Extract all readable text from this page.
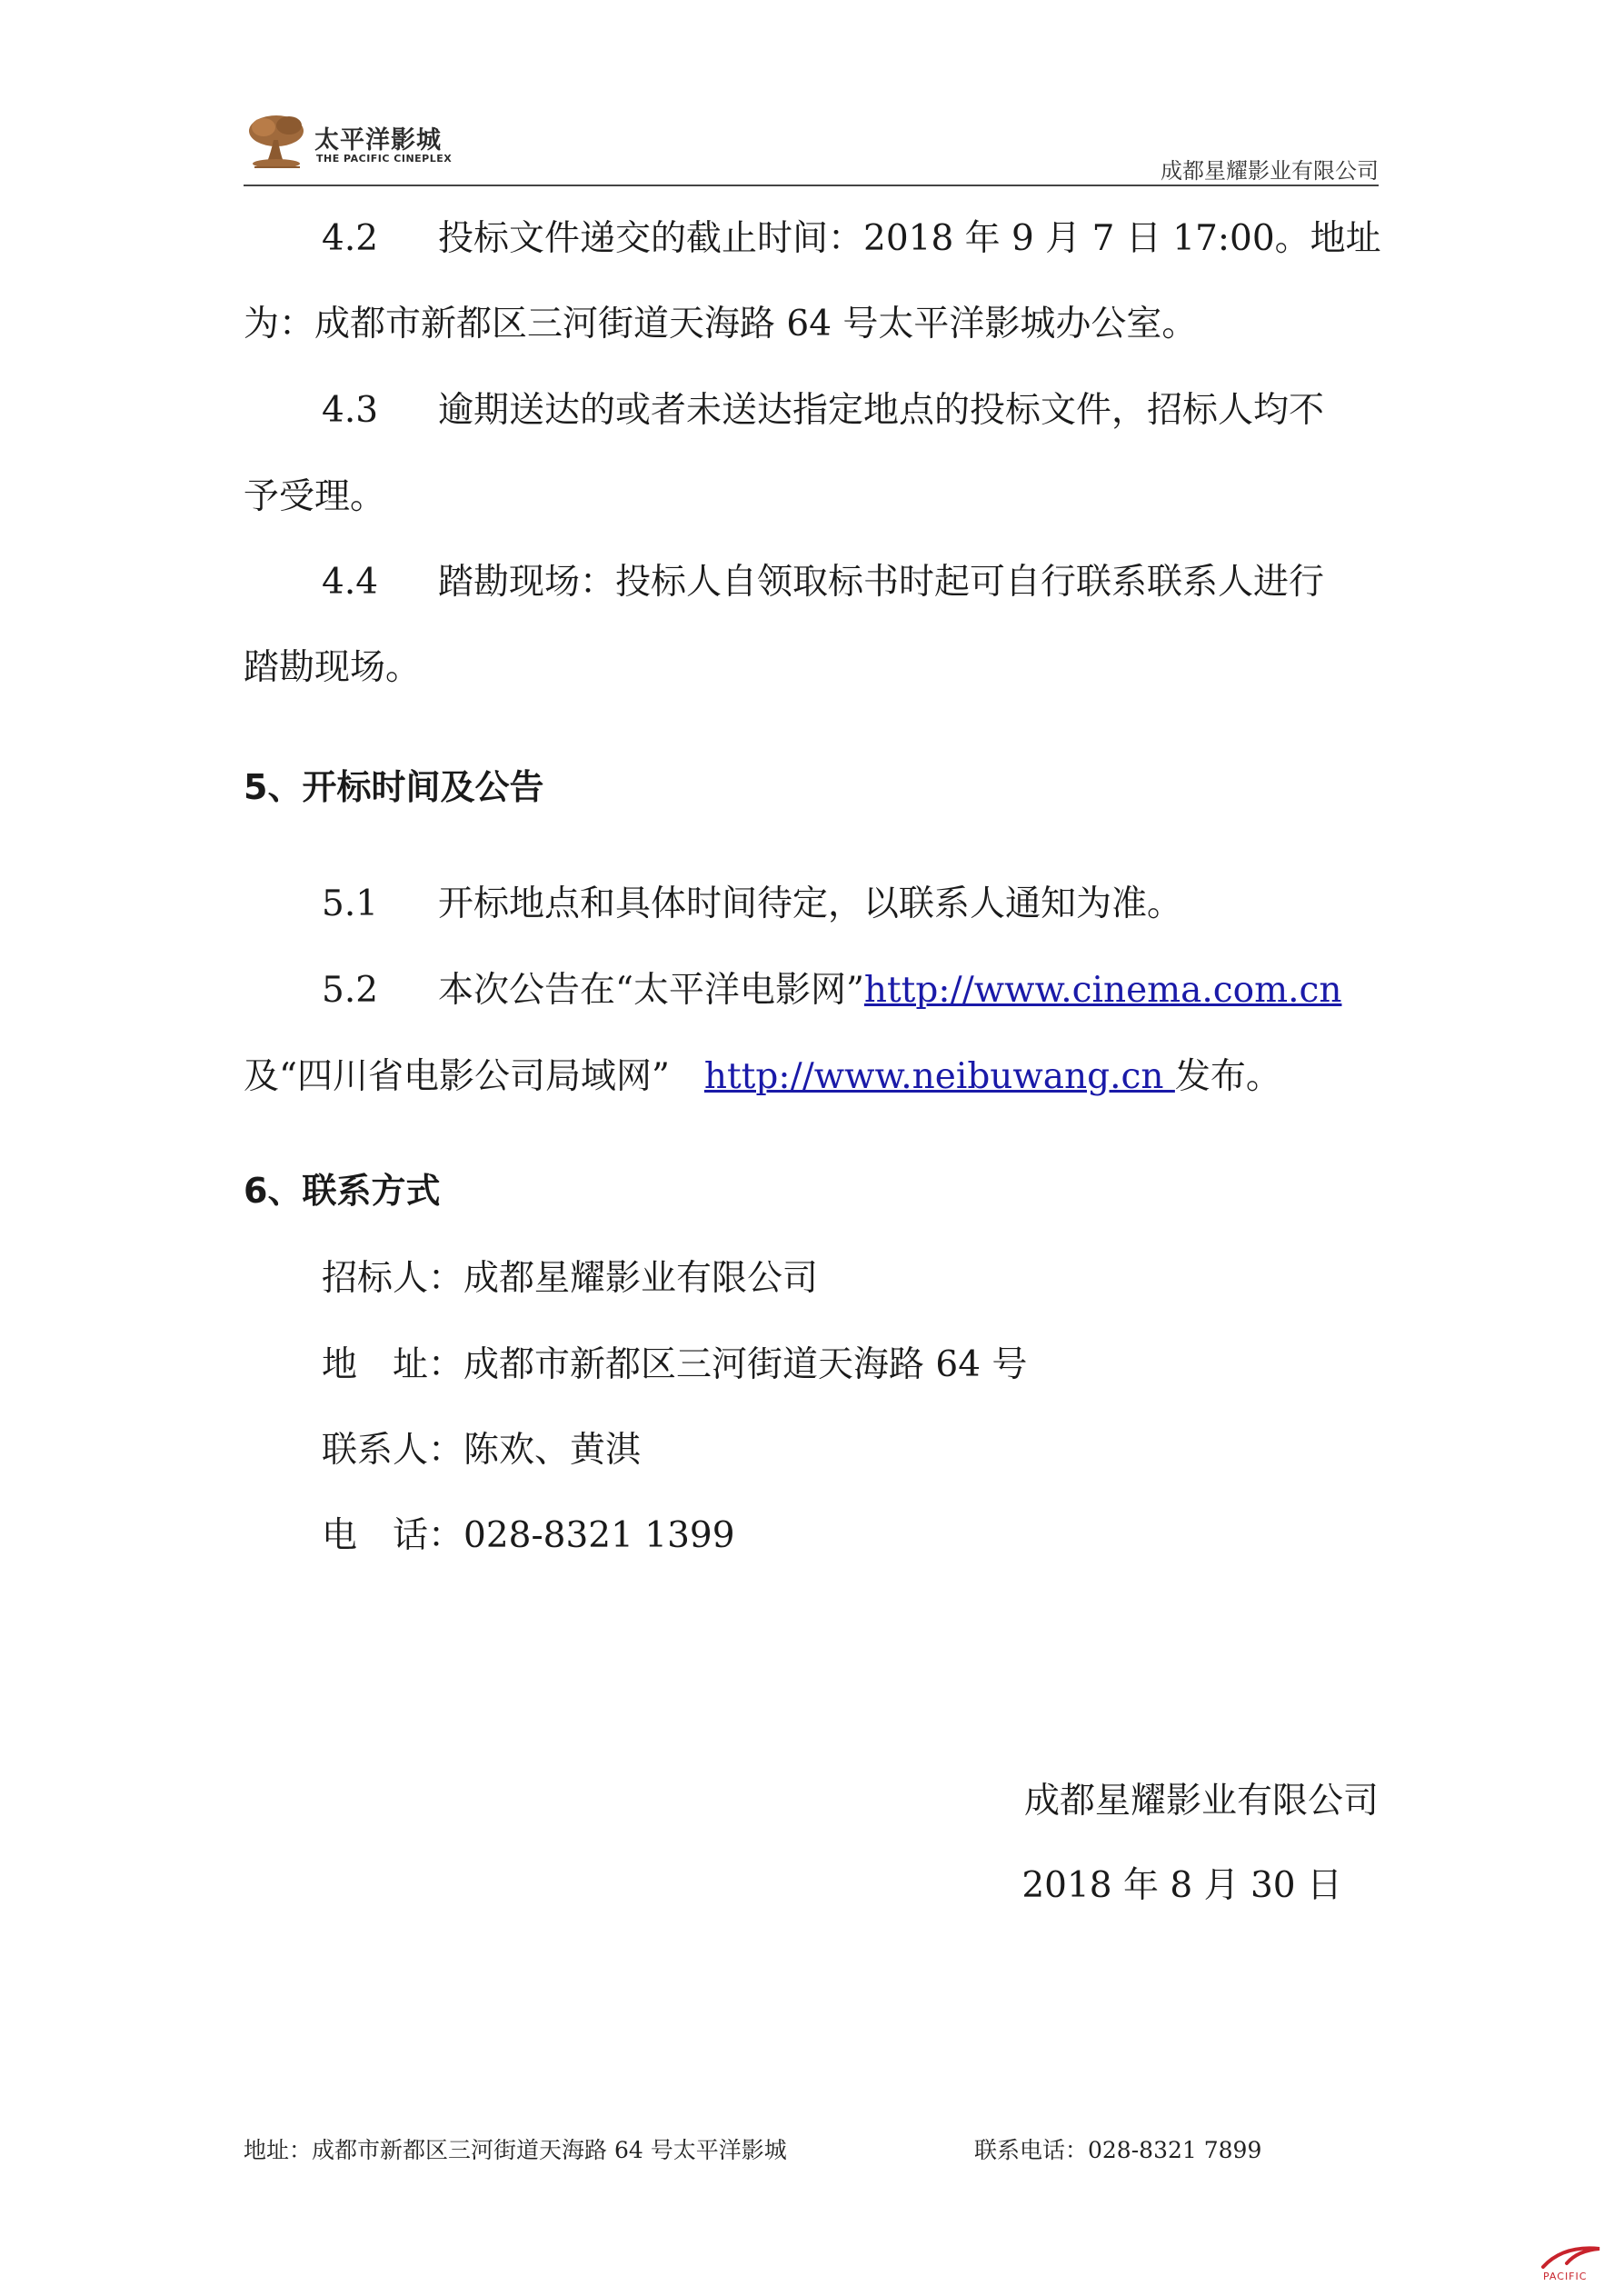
太平洋影城
THE PACIFIC CINEPLEX	成都星耀影业有限公司
4.2 投标文件递交的截止时间：2018 年 9 月 7 日 17:00。地址
为：成都市新都区三河街道天海路 64 号太平洋影城办公室。
4.3 逾期送达的或者未送达指定地点的投标文件，招标人均不
予受理。
4.4 踏勘现场：投标人自领取标书时起可自行联系联系人进行
踏勘现场。
5、开标时间及公告
5.1 开标地点和具体时间待定，以联系人通知为准。
5.2 本次公告在“太平洋电影网”http://www.cinema.com.cn
及“四川省电影公司局域网” http://www.neibuwang.cn 发布。
6、联系方式
招标人：成都星耀影业有限公司
地　址：成都市新都区三河街道天海路 64 号
联系人：陈欢、黄淇
电　话：028-8321 1399
成都星耀影业有限公司
2018 年 8 月 30 日
地址：成都市新都区三河街道天海路 64 号太平洋影城	联系电话：028-8321 7899
PACIFIC
